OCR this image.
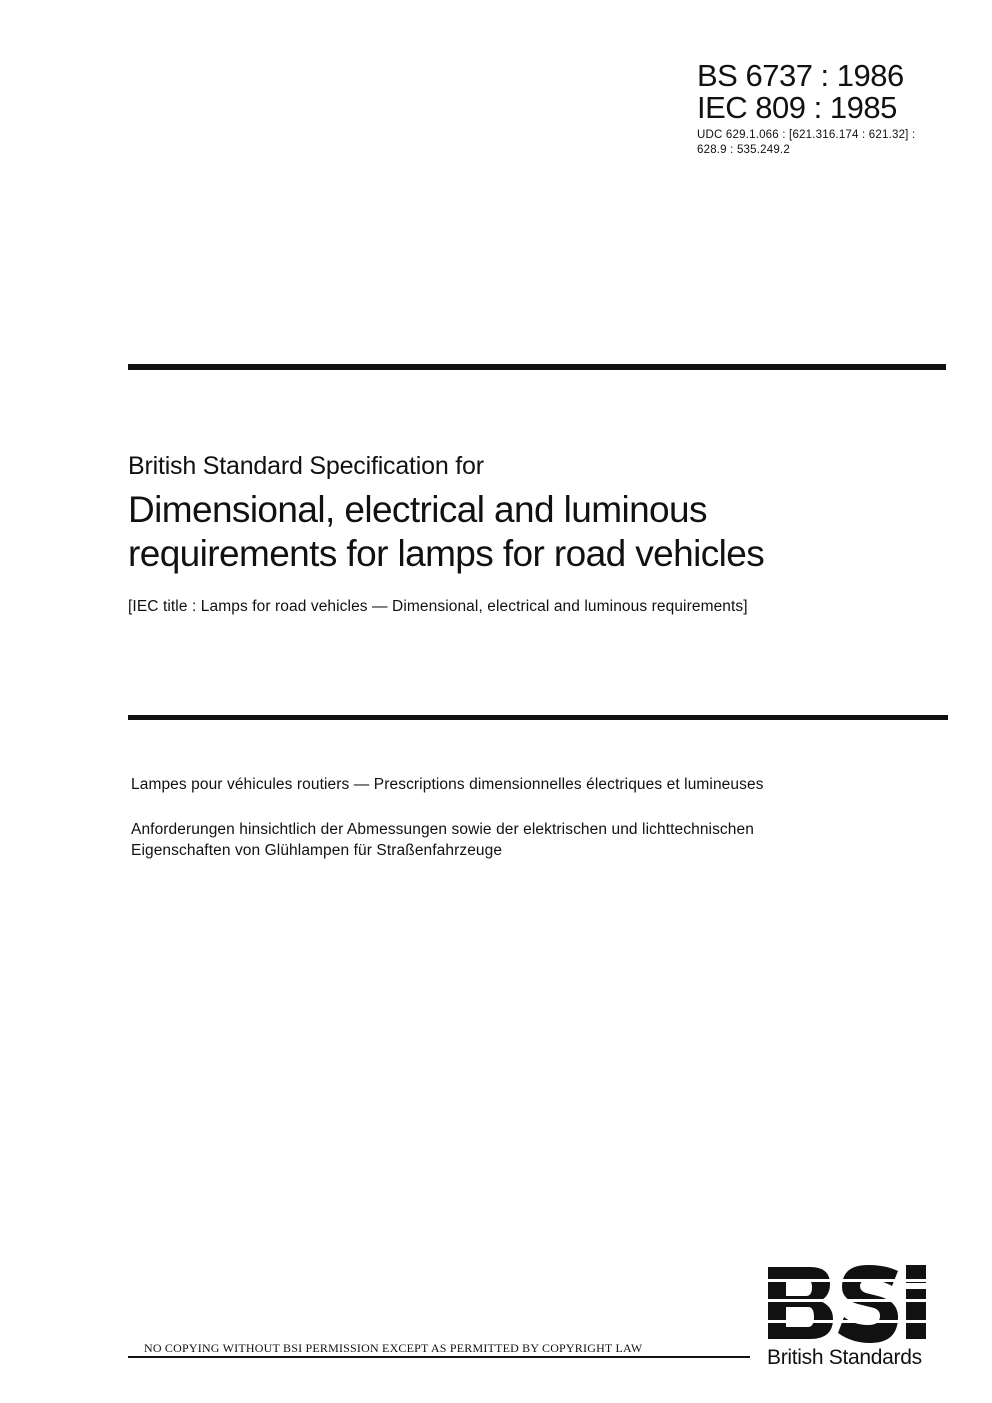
BS 6737 : 1986
IEC 809 : 1985
UDC 629.1.066 : [621.316.174 : 621.32] :
628.9 : 535.249.2
British Standard Specification for
Dimensional, electrical and luminous
requirements for lamps for road vehicles
[IEC title : Lamps for road vehicles — Dimensional, electrical and luminous requirements]
Lampes pour véhicules routiers — Prescriptions dimensionnelles électriques et lumineuses
Anforderungen hinsichtlich der Abmessungen sowie der elektrischen und lichttechnischen
Eigenschaften von Glühlampen für Straßenfahrzeuge
NO COPYING WITHOUT BSI PERMISSION EXCEPT AS PERMITTED BY COPYRIGHT LAW	British Standards
